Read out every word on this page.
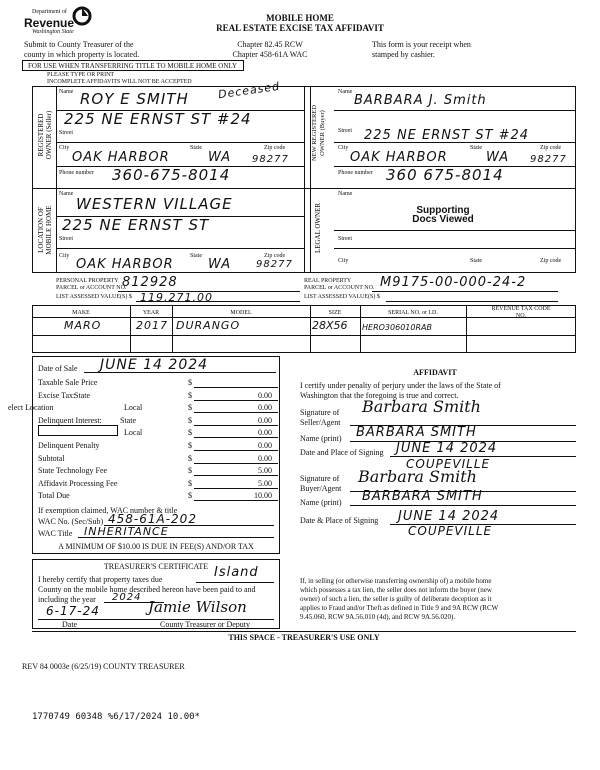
Department of
Revenue
Washington State
MOBILE HOME
REAL ESTATE EXCISE TAX AFFIDAVIT
Submit to County Treasurer of the
county in which property is located.
Chapter 82.45 RCW
Chapter 458-61A WAC
This form is your receipt when
stamped by cashier.
FOR USE WHEN TRANSFERRING TITLE TO MOBILE HOME ONLY
PLEASE TYPE OR PRINT
INCOMPLETE AFFIDAVITS WILL NOT BE ACCEPTED
REGISTERED OWNER (Seller)
Name ROY E SMITH	Deceased
225 NE ERNST ST #24
Street
City
OAK HARBOR
State
WA
Zip code
98277
Phone number 360-675-8014
NEW REGISTERED OWNER (Buyer)
Name
BARBARA J. Smith
Street 225 NE ERNST ST #24
City
OAK HARBOR
State
WA
Zip code
98277
Phone number 360 675-8014
LOCATION OF MOBILE HOME
Name
WESTERN VILLAGE
225 NE ERNST ST
Street
City
OAK HARBOR
State
WA
Zip code
98277
LEGAL OWNER
Name
Supporting
Docs Viewed
Street
City	State	Zip code
PERSONAL PROPERTY
PARCEL or ACCOUNT NO.
812928
LIST ASSESSED VALUE(S) $ 119,271.00
REAL PROPERTY
PARCEL or ACCOUNT NO. M9175-00-000-24-2
LIST ASSESSED VALUE(S) $
MAKE	YEAR	MODEL	SIZE	SERIAL NO. or I.D.
REVENUE TAX CODE NO.
MARO	2017 DURANGO	28X56 HERO306010RAB
Date of Sale JUNE 14 2024
Taxable Sale Price	$
Excise Tax:
State	$	0.00
Local	$	0.00
Delinquent Interest: State	$	0.00
Local	$	0.00
Delinquent Penalty	$	0.00
Subtotal	$	0.00
State Technology Fee	$	5.00
Affidavit Processing Fee	$	5.00
Total Due	$	10.00
elect Location
If exemption claimed, WAC number & title
WAC No. (Sec/Sub) 458-61A-202
WAC Title INHERITANCE
A MINIMUM OF $10.00 IS DUE IN FEE(S) AND/OR TAX
AFFIDAVIT
I certify under penalty of perjury under the laws of the State of
Washington that the foregoing is true and correct.
Signature of
Seller/Agent
Barbara Smith
Name (print) BARBARA SMITH
Date and Place of Signing JUNE 14 2024
COUPEVILLE
Signature of
Buyer/Agent
Barbara Smith
Name (print) BARBARA SMITH
Date & Place of Signing JUNE 14 2024
COUPEVILLE
TREASURER'S CERTIFICATE
I hereby certify that property taxes due	Island
County on the mobile home described hereon have been paid to and
including the year 2024
6-17-24	Jamie Wilson
Date	County Treasurer or Deputy
If, in selling (or otherwise transferring ownership of) a mobile home
which possesses a tax lien, the seller does not inform the buyer (new
owner) of such a lien, the seller is guilty of deliberate deception as it
applies to Fraud and/or Theft as defined in Title 9 and 9A RCW (RCW
9.45.060, RCW 9A.56.010 (4d), and RCW 9A.56.020).
THIS SPACE - TREASURER'S USE ONLY
REV 84 0003e (6/25/19) COUNTY TREASURER
1770749 60348 %6/17/2024 10.00*
